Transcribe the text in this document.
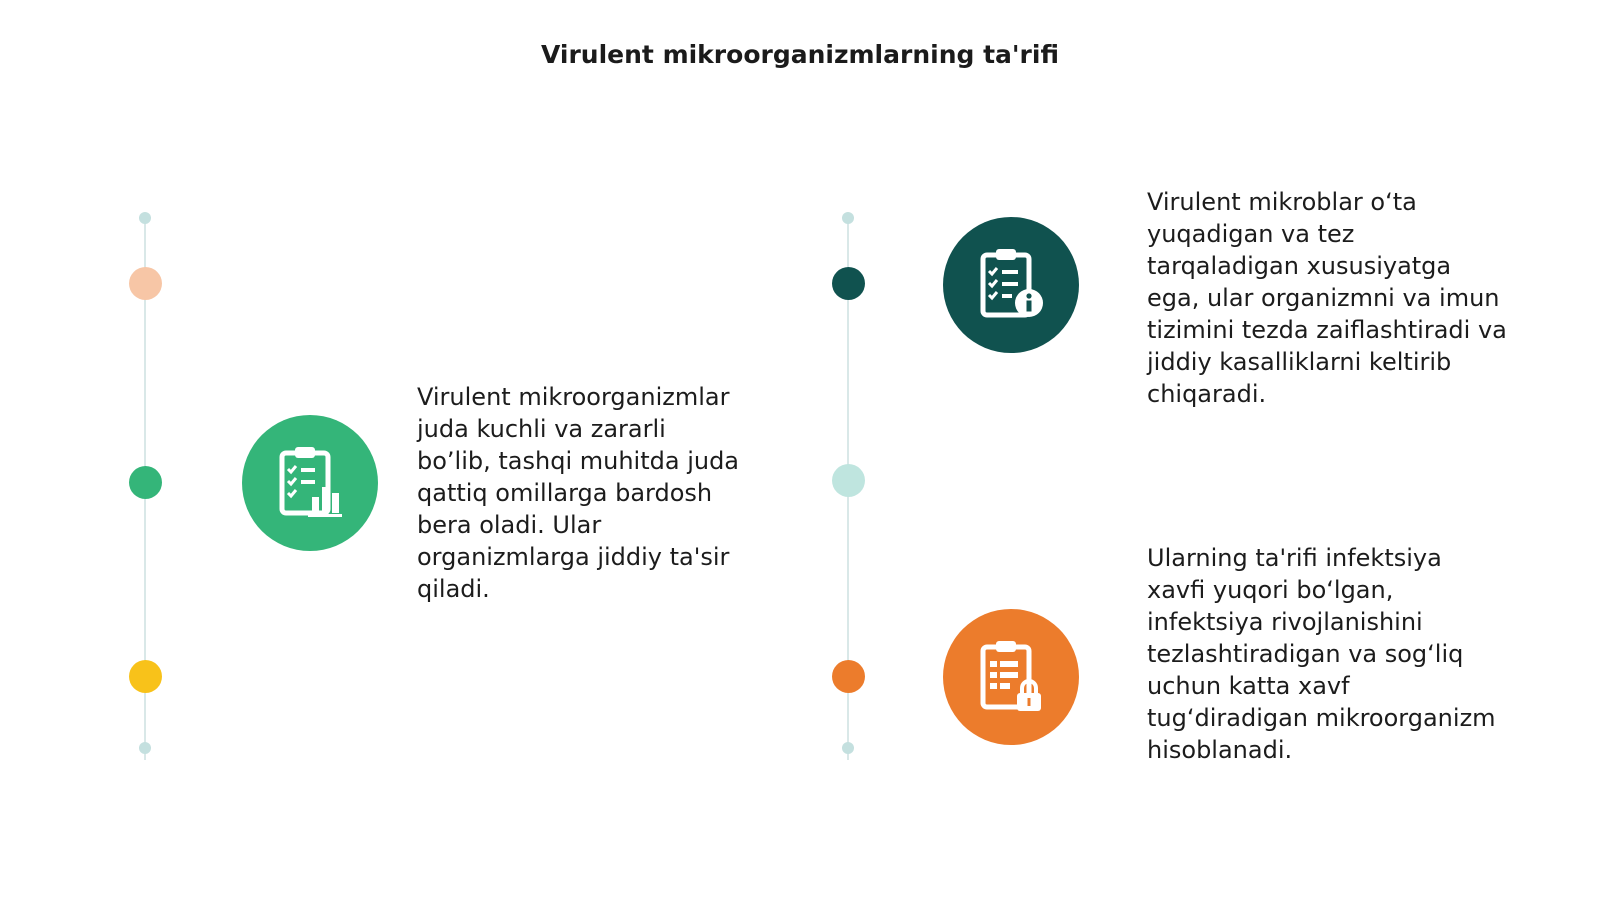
Virulent mikroorganizmlarning ta'rifi
Virulent mikroorganizmlar juda kuchli va zararli bo’lib, tashqi muhitda juda qattiq omillarga bardosh bera oladi. Ular organizmlarga jiddiy ta'sir qiladi.
Virulent mikroblar o‘ta yuqadigan va tez tarqaladigan xususiyatga ega, ular organizmni va imun tizimini tezda zaiflashtiradi va jiddiy kasalliklarni keltirib chiqaradi.
Ularning ta'rifi infektsiya xavfi yuqori bo‘lgan, infektsiya rivojlanishini tezlashtiradigan va sog‘liq uchun katta xavf tug‘diradigan mikroorganizm hisoblanadi.
